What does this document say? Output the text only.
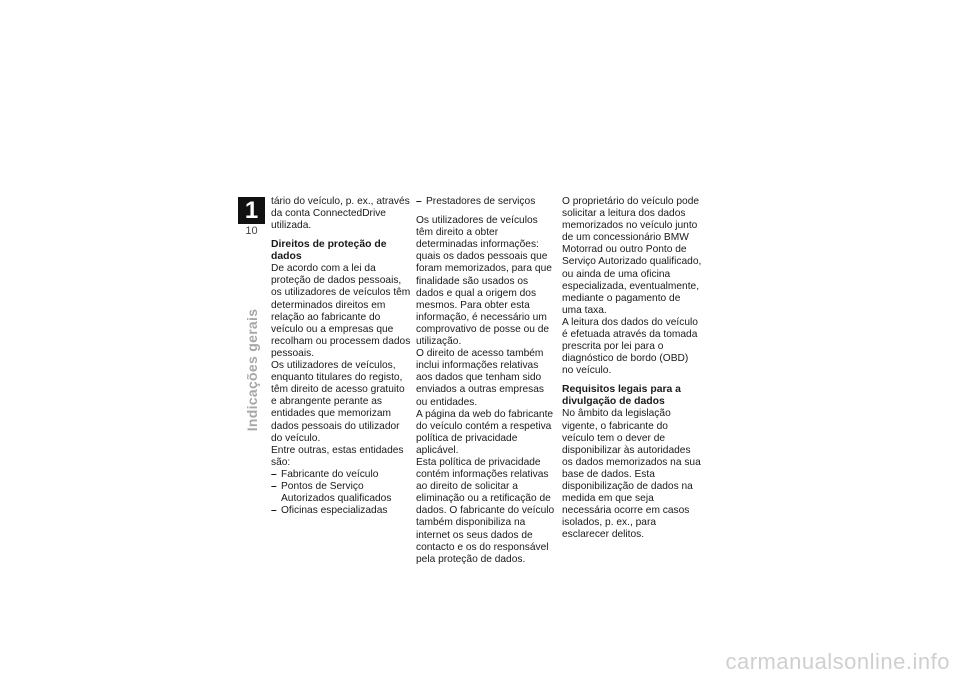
1
10
Indicações gerais

tário do veículo, p. ex., através da conta ConnectedDrive utilizada.

Direitos de proteção de dados

De acordo com a lei da proteção de dados pessoais, os utilizadores de veículos têm determinados direitos em relação ao fabricante do veículo ou a empresas que recolham ou processem dados pessoais.

Os utilizadores de veículos, enquanto titulares do registo, têm direito de acesso gratuito e abrangente perante as entidades que memorizam dados pessoais do utilizador do veículo.

Entre outras, estas entidades são:

– Fabricante do veículo
– Pontos de Serviço Autorizados qualificados
– Oficinas especializadas
– Prestadores de serviços

Os utilizadores de veículos têm direito a obter determinadas informações: quais os dados pessoais que foram memorizados, para que finalidade são usados os dados e qual a origem dos mesmos. Para obter esta informação, é necessário um comprovativo de posse ou de utilização.

O direito de acesso também inclui informações relativas aos dados que tenham sido enviados a outras empresas ou entidades.

A página da web do fabricante do veículo contém a respetiva política de privacidade aplicável.

Esta política de privacidade contém informações relativas ao direito de solicitar a eliminação ou a retificação de dados. O fabricante do veículo também disponibiliza na internet os seus dados de contacto e os do responsável pela proteção de dados.

O proprietário do veículo pode solicitar a leitura dos dados memorizados no veículo junto de um concessionário BMW Motorrad ou outro Ponto de Serviço Autorizado qualificado, ou ainda de uma oficina especializada, eventualmente, mediante o pagamento de uma taxa.

A leitura dos dados do veículo é efetuada através da tomada prescrita por lei para o diagnóstico de bordo (OBD) no veículo.

Requisitos legais para a divulgação de dados

No âmbito da legislação vigente, o fabricante do veículo tem o dever de disponibilizar às autoridades os dados memorizados na sua base de dados. Esta disponibilização de dados na medida em que seja necessária ocorre em casos isolados, p. ex., para esclarecer delitos.

carmanualsonline.info
